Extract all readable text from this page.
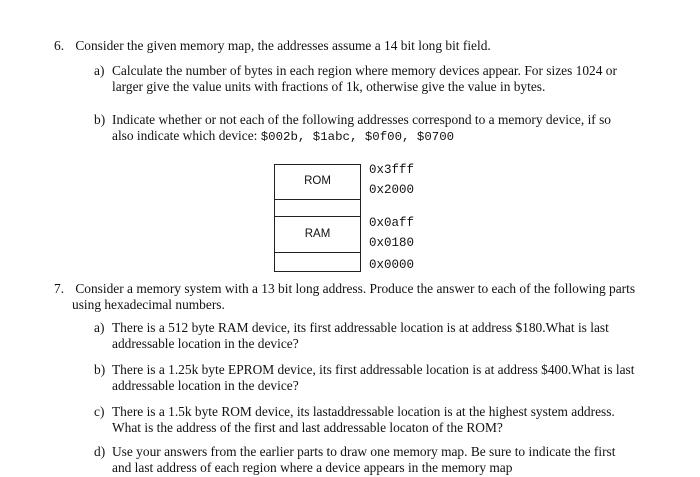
6. Consider the given memory map, the addresses assume a 14 bit long bit field.
a) Calculate the number of bytes in each region where memory devices appear. For sizes 1024 or
larger give the value units with fractions of 1k, otherwise give the value in bytes.
b) Indicate whether or not each of the following addresses correspond to a memory device, if so
also indicate which device: $002b, $1abc, $0f00, $0700
ROM
RAM
0x3fff
0x2000
0x0aff
0x0180
0x0000
7. Consider a memory system with a 13 bit long address. Produce the answer to each of the following parts
using hexadecimal numbers.
a) There is a 512 byte RAM device, its first addressable location is at address $180.What is last
addressable location in the device?
b) There is a 1.25k byte EPROM device, its first addressable location is at address $400.What is last
addressable location in the device?
c) There is a 1.5k byte ROM device, its lastaddressable location is at the highest system address.
What is the address of the first and last addressable locaton of the ROM?
d) Use your answers from the earlier parts to draw one memory map. Be sure to indicate the first
and last address of each region where a device appears in the memory map
